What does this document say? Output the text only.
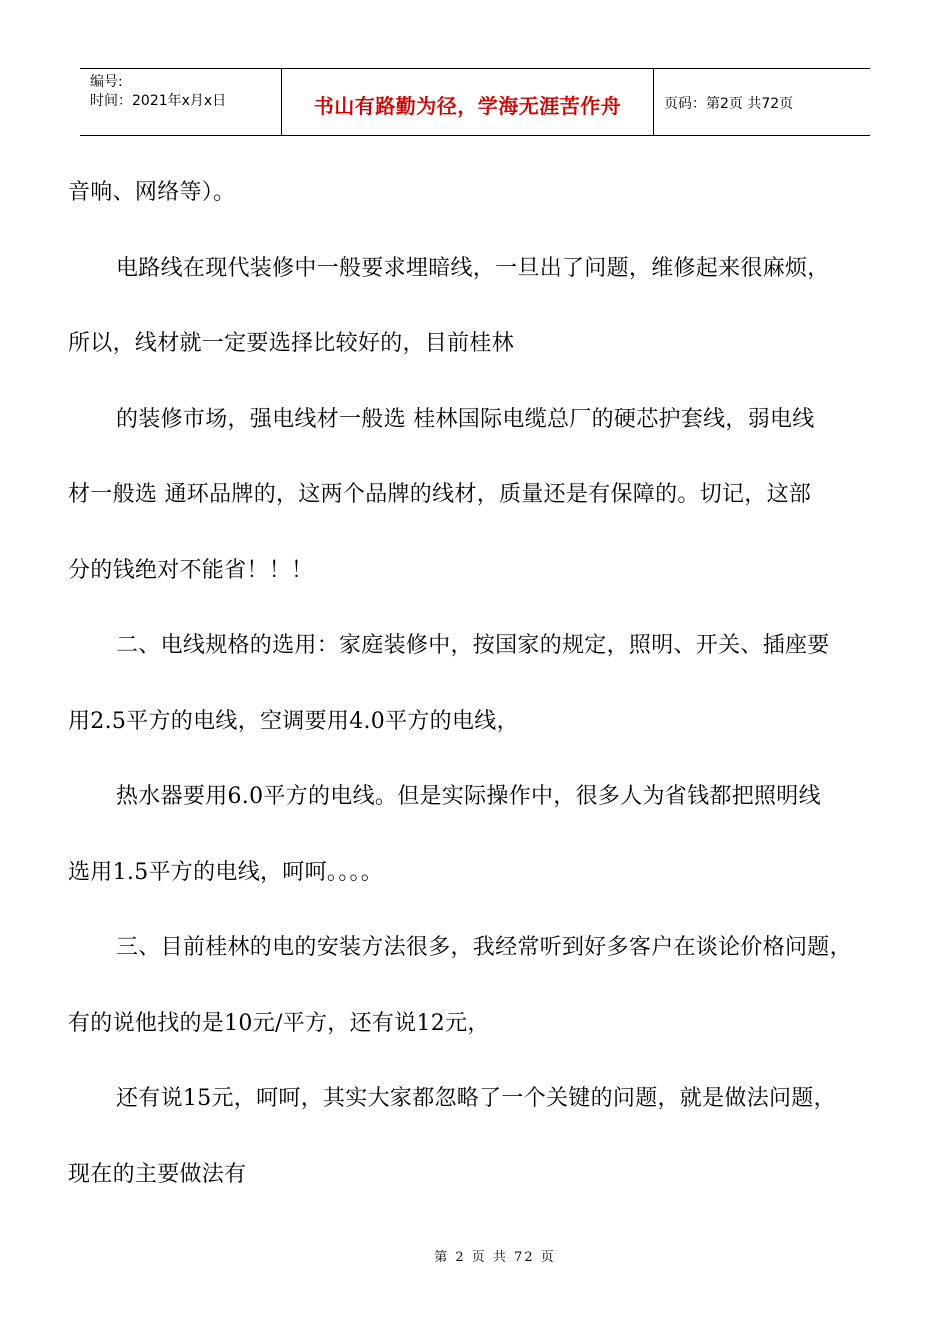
编号:
时间：2021年x月x日	书山有路勤为径，学海无涯苦作舟	页码：第2页 共72页
音响、网络等）。
电路线在现代装修中一般要求埋暗线，一旦出了问题，维修起来很麻烦，
所以，线材就一定要选择比较好的，目前桂林
的装修市场，强电线材一般选 桂林国际电缆总厂的硬芯护套线，弱电线
材一般选 通环品牌的，这两个品牌的线材，质量还是有保障的。切记，这部
分的钱绝对不能省！！！
二、电线规格的选用：家庭装修中，按国家的规定，照明、开关、插座要
用2.5平方的电线，空调要用4.0平方的电线，
热水器要用6.0平方的电线。但是实际操作中，很多人为省钱都把照明线
选用1.5平方的电线，呵呵。。。。
三、目前桂林的电的安装方法很多，我经常听到好多客户在谈论价格问题，
有的说他找的是10元/平方，还有说12元，
还有说15元，呵呵，其实大家都忽略了一个关键的问题，就是做法问题，
现在的主要做法有
第 2 页 共 72 页
